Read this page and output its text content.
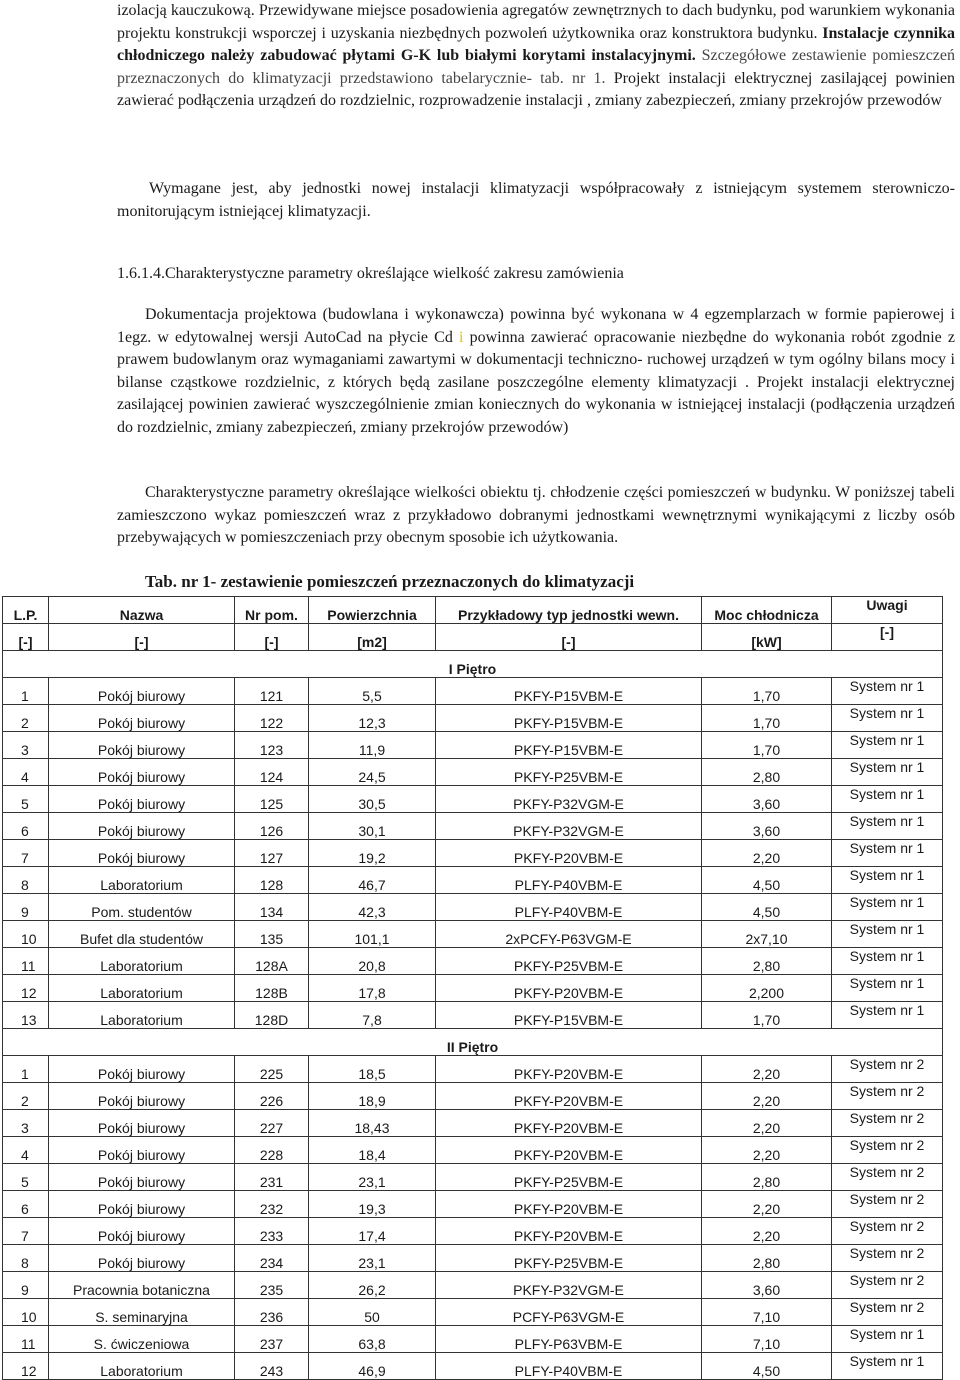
izolacją kauczukową. Przewidywane miejsce posadowienia agregatów zewnętrznych to dach budynku, pod warunkiem wykonania projektu konstrukcji wsporczej i uzyskania niezbędnych pozwoleń użytkownika oraz konstruktora budynku. Instalacje czynnika chłodniczego należy zabudować płytami G-K lub białymi korytami instalacyjnymi. Szczegółowe zestawienie pomieszczeń przeznaczonych do klimatyzacji przedstawiono tabelarycznie- tab. nr 1. Projekt instalacji elektrycznej zasilającej powinien zawierać podłączenia urządzeń do rozdzielnic, rozprowadzenie instalacji , zmiany zabezpieczeń, zmiany przekrojów przewodów
Wymagane jest, aby jednostki nowej instalacji klimatyzacji współpracowały z istniejącym systemem sterowniczo-monitorującym istniejącej klimatyzacji.
1.6.1.4.Charakterystyczne parametry określające wielkość zakresu zamówienia
Dokumentacja projektowa (budowlana i wykonawcza) powinna być wykonana w 4 egzemplarzach w formie papierowej i 1egz. w edytowalnej wersji AutoCad na płycie Cd i powinna zawierać opracowanie niezbędne do wykonania robót zgodnie z prawem budowlanym oraz wymaganiami zawartymi w dokumentacji techniczno- ruchowej urządzeń w tym ogólny bilans mocy i bilanse cząstkowe rozdzielnic, z których będą zasilane poszczególne elementy klimatyzacji . Projekt instalacji elektrycznej zasilającej powinien zawierać wyszczególnienie zmian koniecznych do wykonania w istniejącej instalacji (podłączenia urządzeń do rozdzielnic, zmiany zabezpieczeń, zmiany przekrojów przewodów)
Charakterystyczne parametry określające wielkości obiektu tj. chłodzenie części pomieszczeń w budynku. W poniższej tabeli zamieszczono wykaz pomieszczeń wraz z przykładowo dobranymi jednostkami wewnętrznymi wynikającymi z liczby osób przebywających w pomieszczeniach przy obecnym sposobie ich użytkowania.
Tab. nr 1- zestawienie pomieszczeń przeznaczonych do klimatyzacji
L.P.	Nazwa	Nr pom.	Powierzchnia	Przykładowy typ jednostki wewn.	Moc chłodnicza	Uwagi
[-]	[-]	[-]	[m2]	[-]	[kW]	[-]
I Piętro						
1	Pokój biurowy	121	5,5	PKFY-P15VBM-E	1,70	System nr 1
2	Pokój biurowy	122	12,3	PKFY-P15VBM-E	1,70	System nr 1
3	Pokój biurowy	123	11,9	PKFY-P15VBM-E	1,70	System nr 1
4	Pokój biurowy	124	24,5	PKFY-P25VBM-E	2,80	System nr 1
5	Pokój biurowy	125	30,5	PKFY-P32VGM-E	3,60	System nr 1
6	Pokój biurowy	126	30,1	PKFY-P32VGM-E	3,60	System nr 1
7	Pokój biurowy	127	19,2	PKFY-P20VBM-E	2,20	System nr 1
8	Laboratorium	128	46,7	PLFY-P40VBM-E	4,50	System nr 1
9	Pom. studentów	134	42,3	PLFY-P40VBM-E	4,50	System nr 1
10	Bufet dla studentów	135	101,1	2xPCFY-P63VGM-E	2x7,10	System nr 1
11	Laboratorium	128A	20,8	PKFY-P25VBM-E	2,80	System nr 1
12	Laboratorium	128B	17,8	PKFY-P20VBM-E	2,200	System nr 1
13	Laboratorium	128D	7,8	PKFY-P15VBM-E	1,70	System nr 1
II Piętro						
1	Pokój biurowy	225	18,5	PKFY-P20VBM-E	2,20	System nr 2
2	Pokój biurowy	226	18,9	PKFY-P20VBM-E	2,20	System nr 2
3	Pokój biurowy	227	18,43	PKFY-P20VBM-E	2,20	System nr 2
4	Pokój biurowy	228	18,4	PKFY-P20VBM-E	2,20	System nr 2
5	Pokój biurowy	231	23,1	PKFY-P25VBM-E	2,80	System nr 2
6	Pokój biurowy	232	19,3	PKFY-P20VBM-E	2,20	System nr 2
7	Pokój biurowy	233	17,4	PKFY-P20VBM-E	2,20	System nr 2
8	Pokój biurowy	234	23,1	PKFY-P25VBM-E	2,80	System nr 2
9	Pracownia botaniczna	235	26,2	PKFY-P32VGM-E	3,60	System nr 2
10	S. seminaryjna	236	50	PCFY-P63VGM-E	7,10	System nr 2
11	S. ćwiczeniowa	237	63,8	PLFY-P63VBM-E	7,10	System nr 1
12	Laboratorium	243	46,9	PLFY-P40VBM-E	4,50	System nr 1
